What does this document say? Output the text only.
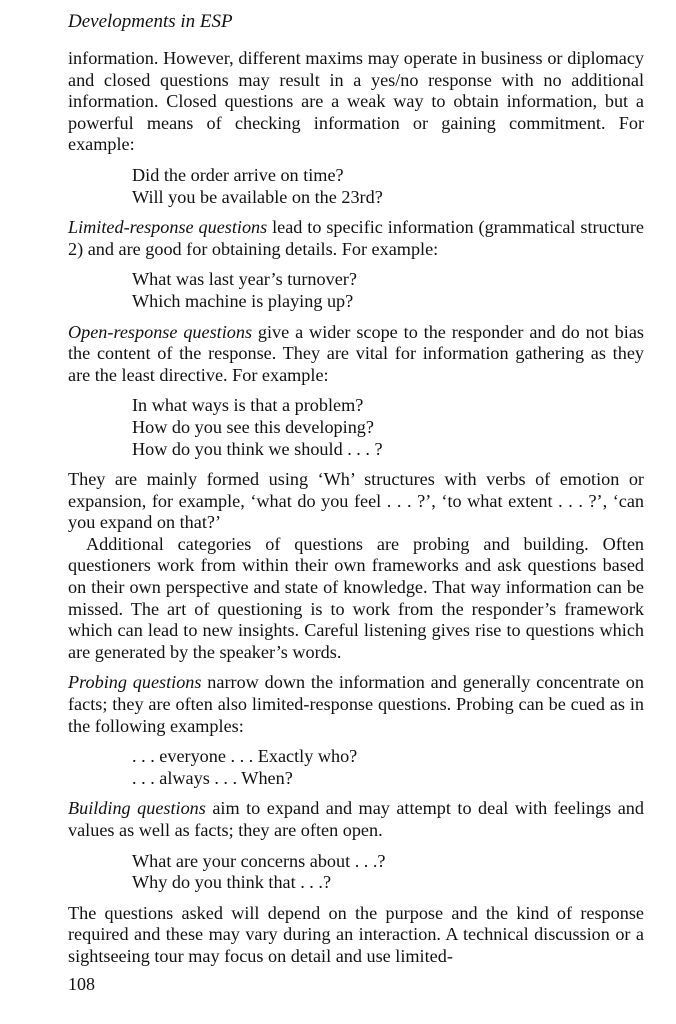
Developments in ESP

information. However, different maxims may operate in business or diplomacy and closed questions may result in a yes/no response with no additional information. Closed questions are a weak way to obtain information, but a powerful means of checking information or gaining commitment. For example:

Did the order arrive on time?
Will you be available on the 23rd?

Limited-response questions lead to specific information (grammatical structure 2) and are good for obtaining details. For example:

What was last year’s turnover?
Which machine is playing up?

Open-response questions give a wider scope to the responder and do not bias the content of the response. They are vital for information gathering as they are the least directive. For example:

In what ways is that a problem?
How do you see this developing?
How do you think we should . . . ?

They are mainly formed using ‘Wh’ structures with verbs of emotion or expansion, for example, ‘what do you feel . . . ?’, ‘to what extent . . . ?’, ‘can you expand on that?’

Additional categories of questions are probing and building. Often questioners work from within their own frameworks and ask questions based on their own perspective and state of knowledge. That way information can be missed. The art of questioning is to work from the responder’s framework which can lead to new insights. Careful listening gives rise to questions which are generated by the speaker’s words.

Probing questions narrow down the information and generally concentrate on facts; they are often also limited-response questions. Probing can be cued as in the following examples:

. . . everyone . . . Exactly who?
. . . always . . . When?

Building questions aim to expand and may attempt to deal with feelings and values as well as facts; they are often open.

What are your concerns about . . .?
Why do you think that . . .?

The questions asked will depend on the purpose and the kind of response required and these may vary during an interaction. A technical discussion or a sightseeing tour may focus on detail and use limited-

108
